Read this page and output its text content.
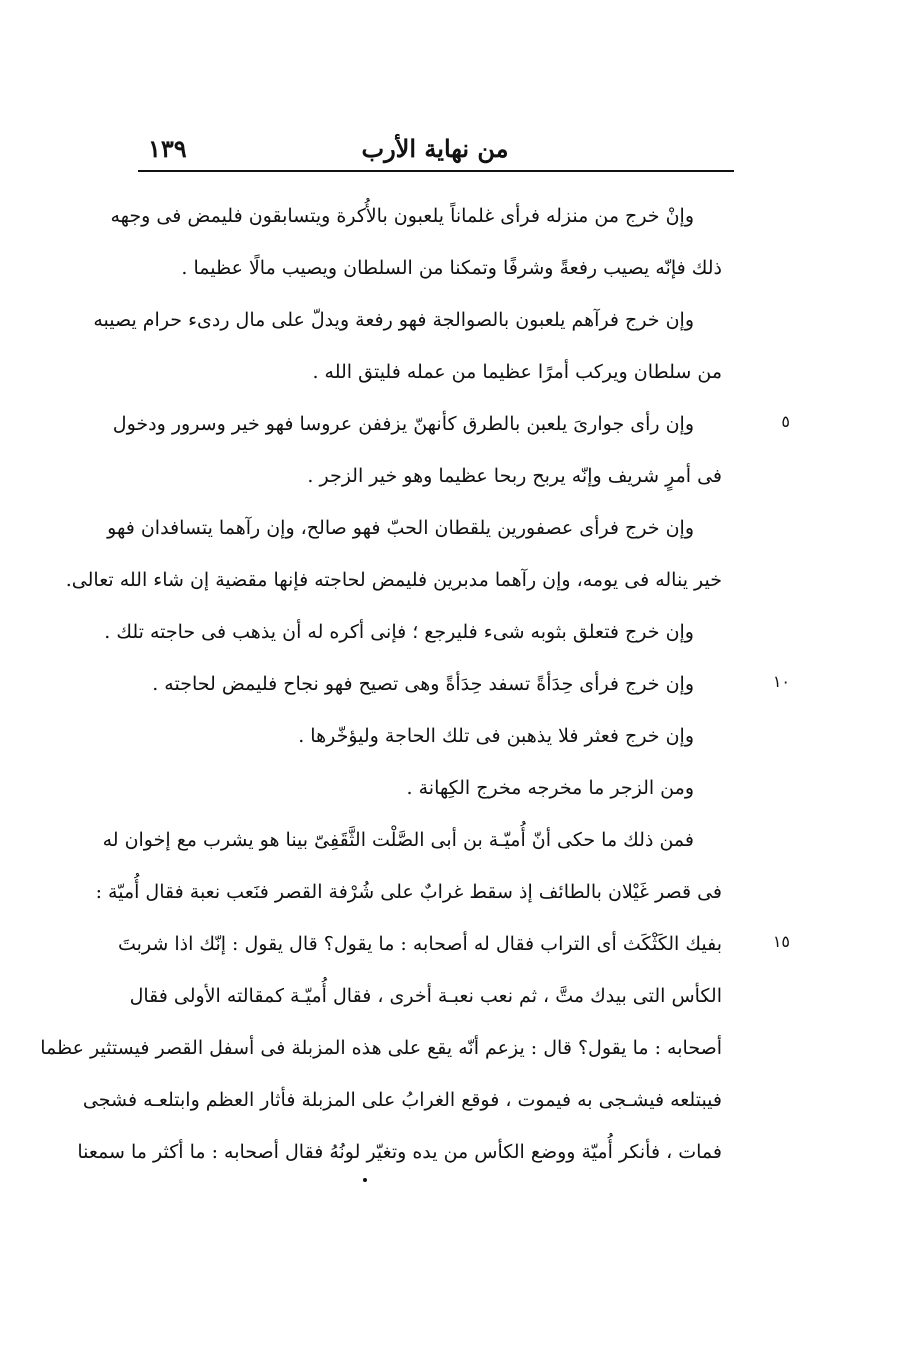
١٣٩	من نهاية الأرب
٥
١٠
١٥
وإنْ خرج من منزله فرأى غلماناً يلعبون بالأُكرة ويتسابقون فليمض فى وجهه
ذلك فإنّه يصيب رفعةً وشرفًا وتمكنا من السلطان ويصيب مالًا عظيما .
وإن خرج فرآهم يلعبون بالصوالجة فهو رفعة ويدلّ على مال ردىء حرام يصيبه
من سلطان ويركب أمرًا عظيما من عمله فليتق الله .
وإن رأى جوارىَ يلعبن بالطرق كأنهنّ يزففن عروسا فهو خير وسرور ودخول
فى أمرٍ شريف وإنّه يربح ربحا عظيما وهو خير الزجر .
وإن خرج فرأى عصفورين يلقطان الحبّ فهو صالح، وإن رآهما يتسافدان فهو
خير يناله فى يومه، وإن رآهما مدبرين فليمض لحاجته فإنها مقضية إن شاء الله تعالى.
وإن خرج فتعلق بثوبه شىء فليرجع ؛ فإنى أكره له أن يذهب فى حاجته تلك .
وإن خرج فرأى حِدَأةً تسفد حِدَأةً وهى تصيح فهو نجاح فليمض لحاجته .
وإن خرج فعثر فلا يذهبن فى تلك الحاجة وليؤخّرها .
ومن الزجر ما مخرجه مخرج الكِهانة .
فمن ذلك ما حكى أنّ أُميّـة بن أبى الصَّلْت الثَّقَفِىّ بينا هو يشرب مع إخوان له
فى قصر غَيْلان بالطائف إذ سقط غرابٌ على شُرْفة القصر فنَعب نعبة فقال أُميّة :
بفيك الكَثْكَث أى التراب فقال له أصحابه : ما يقول؟ قال يقول : إنّك اذا شربتَ
الكأس التى بيدك متَّ ، ثم نعب نعبـة أخرى ، فقال أُميّـة كمقالته الأولى فقال
أصحابه : ما يقول؟ قال : يزعم أنّه يقع على هذه المزبلة فى أسفل القصر فيستثير عظما
فيبتلعه فيشـجى به فيموت ، فوقع الغرابُ على المزبلة فأثار العظم وابتلعـه فشجى
فمات ، فأنكر أُميّة ووضع الكأس من يده وتغيّر لونُهُ فقال أصحابه : ما أكثر ما سمعنا
